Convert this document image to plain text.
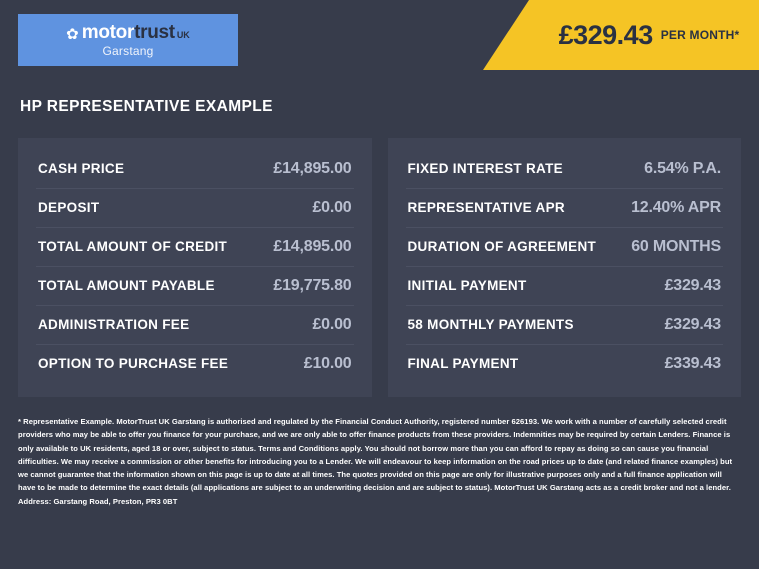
✿ motor trust UK
Garstang
£329.43 PER MONTH*
HP REPRESENTATIVE EXAMPLE
CASH PRICE	£14,895.00
DEPOSIT	£0.00
TOTAL AMOUNT OF CREDIT	£14,895.00
TOTAL AMOUNT PAYABLE	£19,775.80
ADMINISTRATION FEE	£0.00
OPTION TO PURCHASE FEE	£10.00
FIXED INTEREST RATE	6.54% P.A.
REPRESENTATIVE APR	12.40% APR
DURATION OF AGREEMENT 60 MONTHS
INITIAL PAYMENT	£329.43
58 MONTHLY PAYMENTS	£329.43
FINAL PAYMENT	£339.43
* Representative Example. MotorTrust UK Garstang is authorised and regulated by the Financial Conduct Authority, registered number 626193. We work with a number of carefully selected credit providers who may be able to offer you finance for your purchase, and we are only able to offer finance products from these providers. Indemnities may be required by certain Lenders. Finance is only available to UK residents, aged 18 or over, subject to status. Terms and Conditions apply. You should not borrow more than you can afford to repay as doing so can cause you financial difficulties. We may receive a commission or other benefits for introducing you to a Lender. We will endeavour to keep information on the road prices up to date (and related finance examples) but we cannot guarantee that the information shown on this page is up to date at all times. The quotes provided on this page are only for illustrative purposes only and a full finance application will have to be made to determine the exact details (all applications are subject to an underwriting decision and are subject to status). MotorTrust UK Garstang acts as a credit broker and not a lender. Address: Garstang Road, Preston, PR3 0BT
